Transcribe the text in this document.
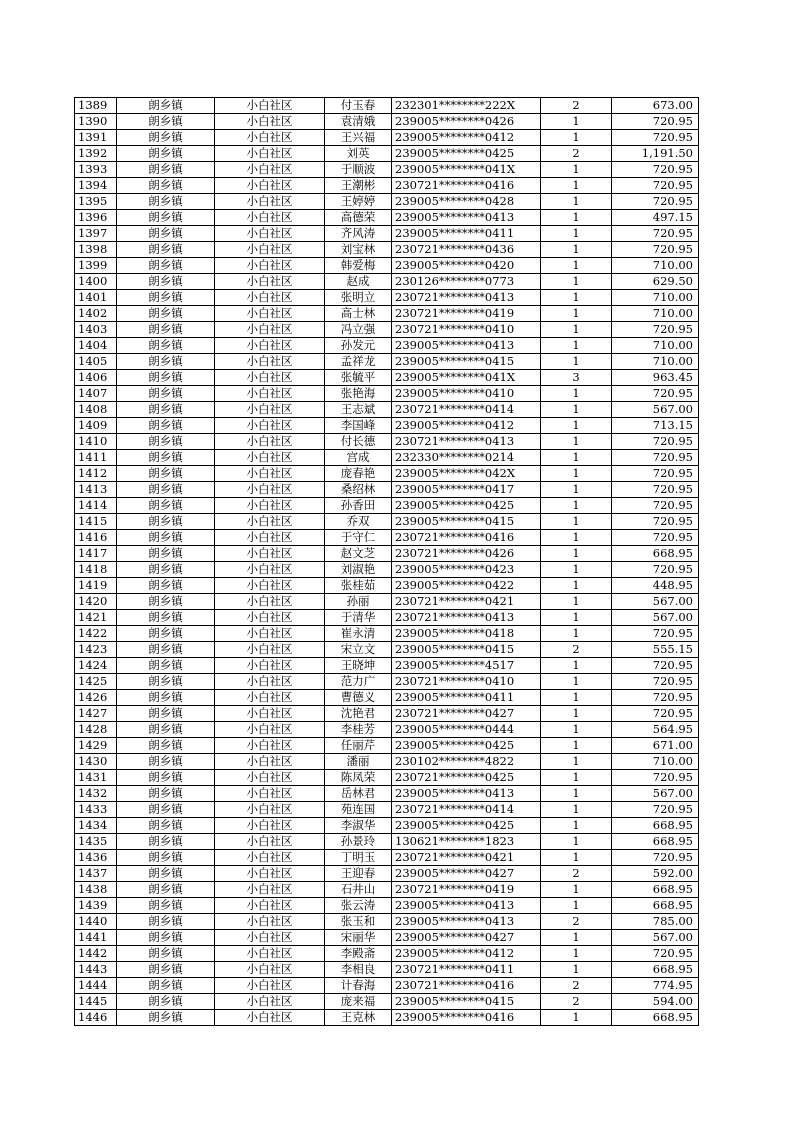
1389	朗乡镇	小白社区	付玉春	232301********222X	2	673.00
1390	朗乡镇	小白社区	袁清娥	239005********0426	1	720.95
1391	朗乡镇	小白社区	王兴福	239005********0412	1	720.95
1392	朗乡镇	小白社区	刘英	239005********0425	2	1,191.50
1393	朗乡镇	小白社区	于顺波	239005********041X	1	720.95
1394	朗乡镇	小白社区	王潮彬	230721********0416	1	720.95
1395	朗乡镇	小白社区	王婷婷	239005********0428	1	720.95
1396	朗乡镇	小白社区	高德荣	239005********0413	1	497.15
1397	朗乡镇	小白社区	齐风涛	239005********0411	1	720.95
1398	朗乡镇	小白社区	刘宝林	230721********0436	1	720.95
1399	朗乡镇	小白社区	韩爱梅	239005********0420	1	710.00
1400	朗乡镇	小白社区	赵成	230126********0773	1	629.50
1401	朗乡镇	小白社区	张明立	230721********0413	1	710.00
1402	朗乡镇	小白社区	高士林	230721********0419	1	710.00
1403	朗乡镇	小白社区	冯立强	230721********0410	1	720.95
1404	朗乡镇	小白社区	孙发元	239005********0413	1	710.00
1405	朗乡镇	小白社区	孟祥龙	239005********0415	1	710.00
1406	朗乡镇	小白社区	张毓平	239005********041X	3	963.45
1407	朗乡镇	小白社区	张艳海	239005********0410	1	720.95
1408	朗乡镇	小白社区	王志斌	230721********0414	1	567.00
1409	朗乡镇	小白社区	李国峰	239005********0412	1	713.15
1410	朗乡镇	小白社区	付长德	230721********0413	1	720.95
1411	朗乡镇	小白社区	宫成	232330********0214	1	720.95
1412	朗乡镇	小白社区	庞春艳	239005********042X	1	720.95
1413	朗乡镇	小白社区	桑绍林	239005********0417	1	720.95
1414	朗乡镇	小白社区	孙香田	239005********0425	1	720.95
1415	朗乡镇	小白社区	乔双	239005********0415	1	720.95
1416	朗乡镇	小白社区	于守仁	230721********0416	1	720.95
1417	朗乡镇	小白社区	赵文芝	230721********0426	1	668.95
1418	朗乡镇	小白社区	刘淑艳	239005********0423	1	720.95
1419	朗乡镇	小白社区	张桂茹	239005********0422	1	448.95
1420	朗乡镇	小白社区	孙丽	230721********0421	1	567.00
1421	朗乡镇	小白社区	于清华	230721********0413	1	567.00
1422	朗乡镇	小白社区	崔永清	239005********0418	1	720.95
1423	朗乡镇	小白社区	宋立文	239005********0415	2	555.15
1424	朗乡镇	小白社区	王晓坤	239005********4517	1	720.95
1425	朗乡镇	小白社区	范力广	230721********0410	1	720.95
1426	朗乡镇	小白社区	曹德义	239005********0411	1	720.95
1427	朗乡镇	小白社区	沈艳君	230721********0427	1	720.95
1428	朗乡镇	小白社区	李桂芳	239005********0444	1	564.95
1429	朗乡镇	小白社区	任丽芹	239005********0425	1	671.00
1430	朗乡镇	小白社区	潘丽	230102********4822	1	710.00
1431	朗乡镇	小白社区	陈凤荣	230721********0425	1	720.95
1432	朗乡镇	小白社区	岳林君	239005********0413	1	567.00
1433	朗乡镇	小白社区	苑连国	230721********0414	1	720.95
1434	朗乡镇	小白社区	李淑华	239005********0425	1	668.95
1435	朗乡镇	小白社区	孙景玲	130621********1823	1	668.95
1436	朗乡镇	小白社区	丁明玉	230721********0421	1	720.95
1437	朗乡镇	小白社区	王迎春	239005********0427	2	592.00
1438	朗乡镇	小白社区	石井山	230721********0419	1	668.95
1439	朗乡镇	小白社区	张云涛	239005********0413	1	668.95
1440	朗乡镇	小白社区	张玉和	239005********0413	2	785.00
1441	朗乡镇	小白社区	宋丽华	239005********0427	1	567.00
1442	朗乡镇	小白社区	李殿斋	239005********0412	1	720.95
1443	朗乡镇	小白社区	李相良	230721********0411	1	668.95
1444	朗乡镇	小白社区	计春海	230721********0416	2	774.95
1445	朗乡镇	小白社区	庞来福	239005********0415	2	594.00
1446	朗乡镇	小白社区	王克林	239005********0416	1	668.95
